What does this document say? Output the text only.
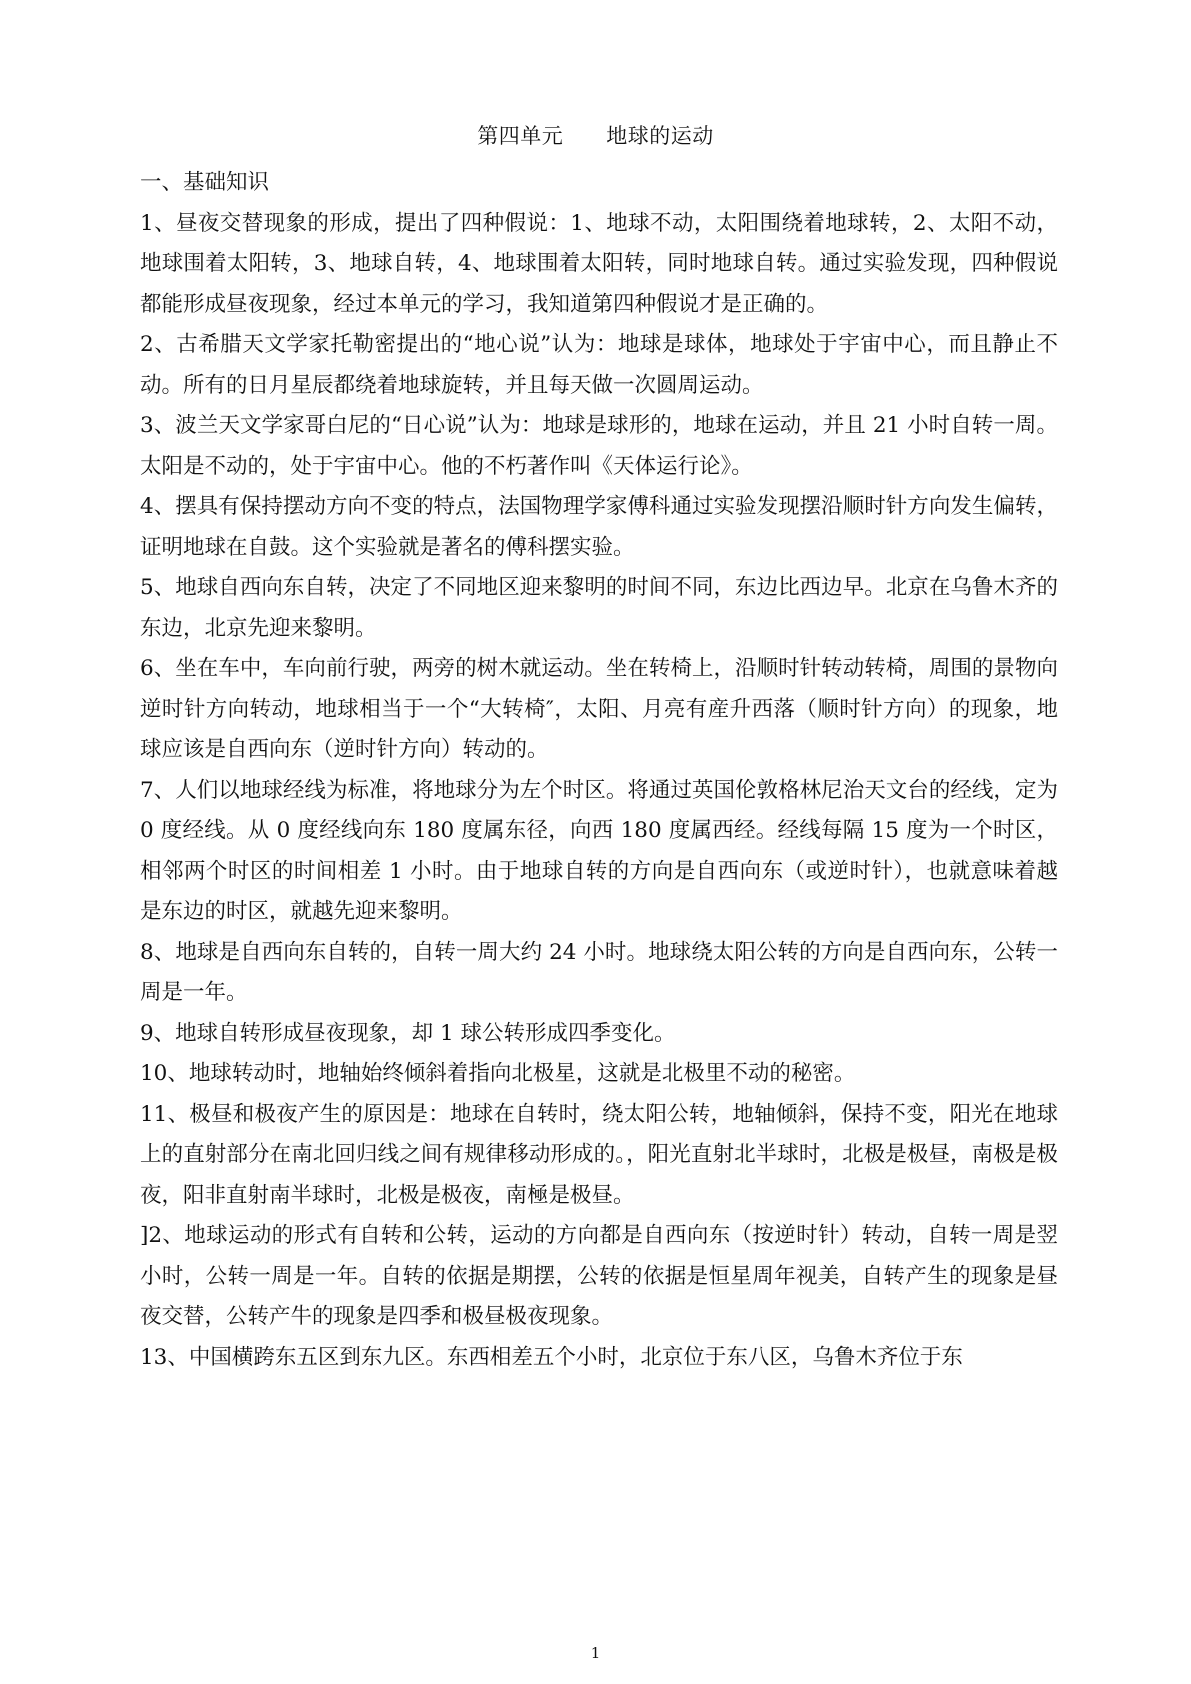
第四单元　　地球的运动

一、基础知识

1、昼夜交替现象的形成，提出了四种假说：1、地球不动，太阳围绕着地球转，2、太阳不动，地球围着太阳转，3、地球自转，4、地球围着太阳转，同时地球自转。通过实验发现，四种假说都能形成昼夜现象，经过本单元的学习，我知道第四种假说才是正确的。

2、古希腊天文学家托勒密提出的“地心说”认为：地球是球体，地球处于宇宙中心，而且静止不动。所有的日月星辰都绕着地球旋转，并且每天做一次圆周运动。

3、波兰天文学家哥白尼的“日心说”认为：地球是球形的，地球在运动，并且 21 小时自转一周。太阳是不动的，处于宇宙中心。他的不朽著作叫《天体运行论》。

4、摆具有保持摆动方向不变的特点，法国物理学家傅科通过实验发现摆沿顺时针方向发生偏转，证明地球在自鼓。这个实验就是著名的傅科摆实验。

5、地球自西向东自转，决定了不同地区迎来黎明的时间不同，东边比西边早。北京在乌鲁木齐的东边，北京先迎来黎明。

6、坐在车中，车向前行驶，两旁的树木就运动。坐在转椅上，沿顺时针转动转椅，周围的景物向逆时针方向转动，地球相当于一个“大转椅″，太阳、月亮有産升西落（顺时针方向）的现象，地球应该是自西向东（逆时针方向）转动的。

7、人们以地球经线为标准，将地球分为左个时区。将通过英国伦敦格林尼治天文台的经线，定为 0 度经线。从 0 度经线向东 180 度属东径，向西 180 度属西经。经线每隔 15 度为一个时区，相邻两个时区的时间相差 1 小时。由于地球自转的方向是自西向东（或逆时针），也就意味着越是东边的时区，就越先迎来黎明。

8、地球是自西向东自转的，自转一周大约 24 小时。地球绕太阳公转的方向是自西向东，公转一周是一年。

9、地球自转形成昼夜现象，却 1 球公转形成四季变化。

10、地球转动时，地轴始终倾斜着指向北极星，这就是北极里不动的秘密。

11、极昼和极夜产生的原因是：地球在自转时，绕太阳公转，地轴倾斜，保持不变，阳光在地球上的直射部分在南北回归线之间有规律移动形成的。，阳光直射北半球时，北极是极昼，南极是极夜，阳非直射南半球时，北极是极夜，南極是极昼。

]2、地球运动的形式有自转和公转，运动的方向都是自西向东（按逆时针）转动，自转一周是翌小时，公转一周是一年。自转的依据是期摆，公转的依据是恒星周年视美，自转产生的现象是昼夜交替，公转产牛的现象是四季和极昼极夜现象。

13、中国横跨东五区到东九区。东西相差五个小时，北京位于东八区，乌鲁木齐位于东

1
